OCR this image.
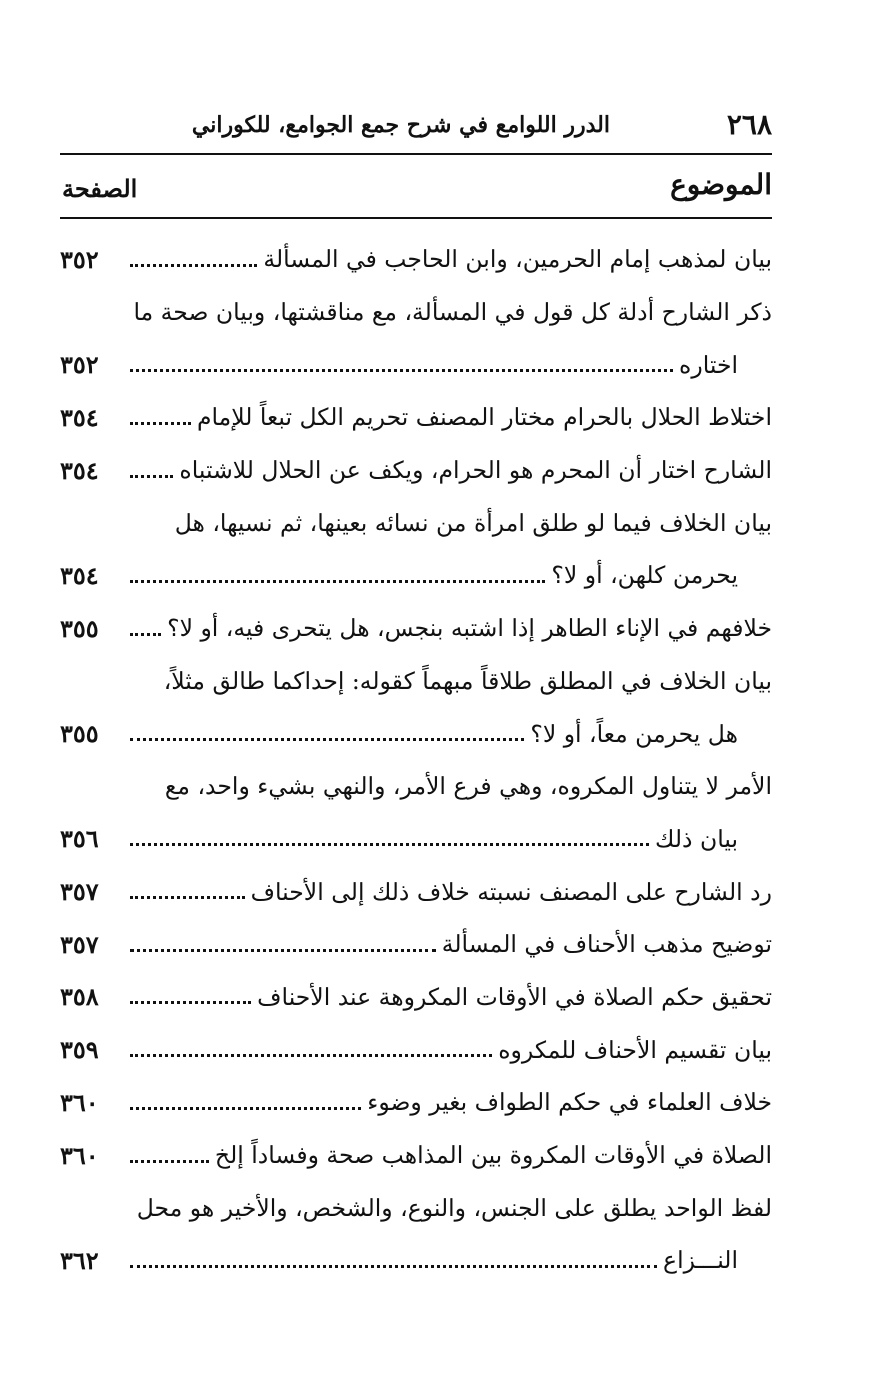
٢٦٨
الدرر اللوامع في شرح جمع الجوامع، للكوراني
الموضوع
الصفحة
بيان لمذهب إمام الحرمين، وابن الحاجب في المسألة
٣٥٢
ذكر الشارح أدلة كل قول في المسألة، مع مناقشتها، وبيان صحة ما
اختاره
٣٥٢
اختلاط الحلال بالحرام مختار المصنف تحريم الكل تبعاً للإمام
٣٥٤
الشارح اختار أن المحرم هو الحرام، ويكف عن الحلال للاشتباه
٣٥٤
بيان الخلاف فيما لو طلق امرأة من نسائه بعينها، ثم نسيها، هل
يحرمن كلهن، أو لا؟
٣٥٤
خلافهم في الإناء الطاهر إذا اشتبه بنجس، هل يتحرى فيه، أو لا؟
٣٥٥
بيان الخلاف في المطلق طلاقاً مبهماً كقوله: إحداكما طالق مثلاً،
هل يحرمن معاً، أو لا؟
٣٥٥
الأمر لا يتناول المكروه، وهي فرع الأمر، والنهي بشيء واحد، مع
بيان ذلك
٣٥٦
رد الشارح على المصنف نسبته خلاف ذلك إلى الأحناف
٣٥٧
توضيح مذهب الأحناف في المسألة
٣٥٧
تحقيق حكم الصلاة في الأوقات المكروهة عند الأحناف
٣٥٨
بيان تقسيم الأحناف للمكروه
٣٥٩
خلاف العلماء في حكم الطواف بغير وضوء
٣٦٠
الصلاة في الأوقات المكروة بين المذاهب صحة وفساداً إلخ
٣٦٠
لفظ الواحد يطلق على الجنس، والنوع، والشخص، والأخير هو محل
النـــزاع
٣٦٢
